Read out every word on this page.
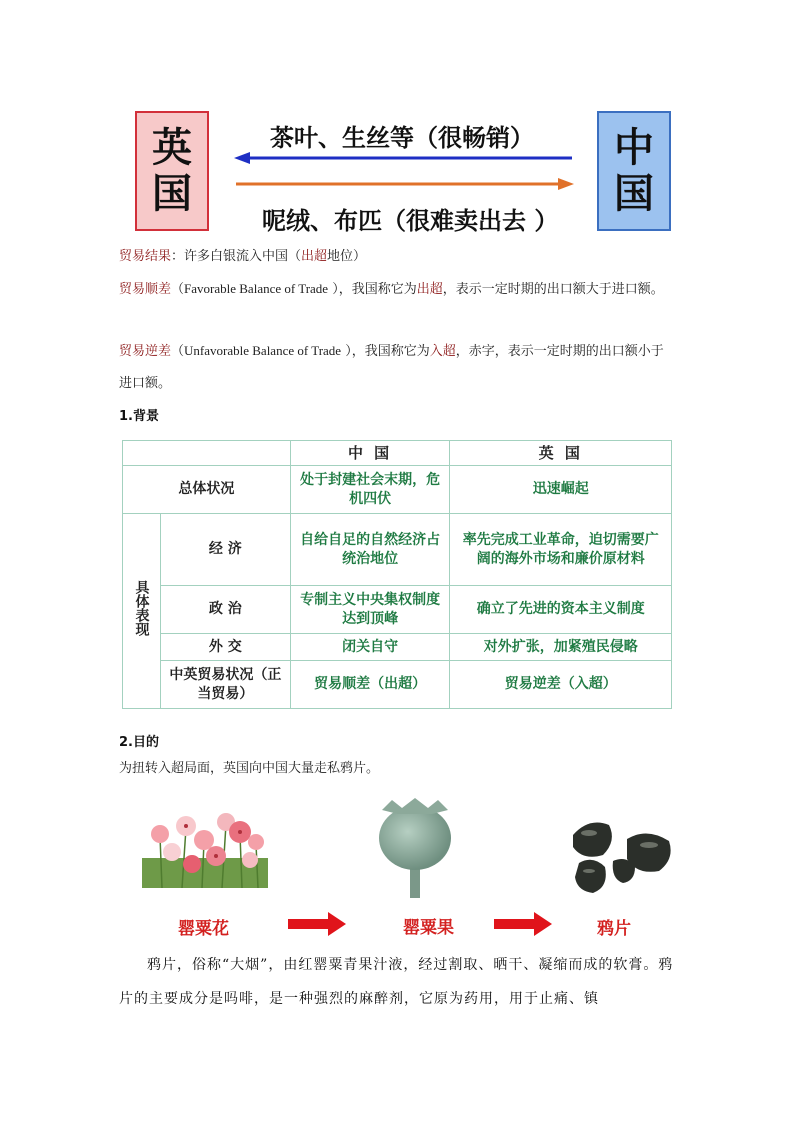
英
国
中
国
茶叶、生丝等（很畅销）
呢绒、布匹（很难卖出去 ）
贸易结果：许多白银流入中国（出超地位）
贸易顺差（Favorable Balance of Trade ），我国称它为出超，表示一定时期的出口额大于进口额。
贸易逆差（Unfavorable Balance of Trade ），我国称它为入超，赤字，表示一定时期的出口额小于进口额。
1.背景
		中 国	英 国
总体状况		处于封建社会末期，危机四伏	迅速崛起
具体表现	经 济	自给自足的自然经济占统治地位	率先完成工业革命，迫切需要广阔的海外市场和廉价原材料
	政 治	专制主义中央集权制度达到顶峰	确立了先进的资本主义制度
	外 交	闭关自守	对外扩张，加紧殖民侵略
	中英贸易状况（正当贸易）	贸易顺差（出超）	贸易逆差（入超）
2.目的
为扭转入超局面，英国向中国大量走私鸦片。
罂粟花	罂粟果	鸦片
鸦片，俗称“大烟”，由红罂粟青果汁液，经过割取、晒干、凝缩而成的软膏。鸦片的主要成分是吗啡，是一种强烈的麻醉剂，它原为药用，用于止痛、镇
